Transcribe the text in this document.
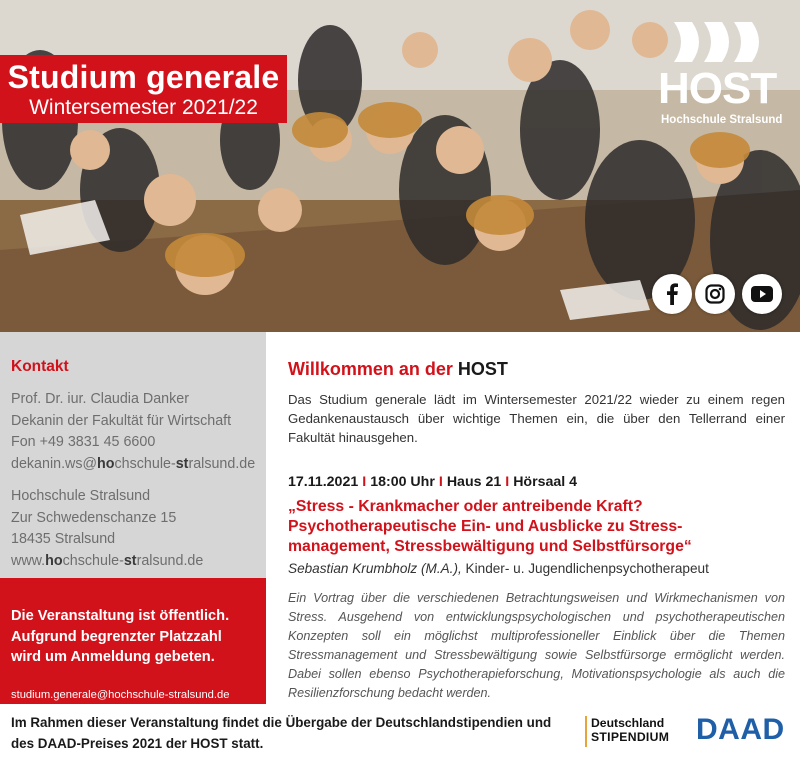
Studium generale
Wintersemester 2021/22	HOST
Hochschule Stralsund
Kontakt
Prof. Dr. iur. Claudia Danker
Dekanin der Fakultät für Wirtschaft
Fon +49 3831 45 6600
dekanin.ws@hochschule-stralsund.de
Hochschule Stralsund
Zur Schwedenschanze 15
18435 Stralsund
www.hochschule-stralsund.de
Die Veranstaltung ist öffentlich.
Aufgrund begrenzter Platzzahl
wird um Anmeldung gebeten.
studium.generale@hochschule-stralsund.de
Willkommen an der HOST
Das Studium generale lädt im Wintersemester 2021/22 wieder zu einem regen Gedankenaustausch über wichtige Themen ein, die über den Tellerrand einer Fakultät hinausgehen.
17.11.2021 I 18:00 Uhr I Haus 21 I Hörsaal 4
„Stress - Krankmacher oder antreibende Kraft?
Psychotherapeutische Ein- und Ausblicke zu Stress-
management, Stressbewältigung und Selbstfürsorge“
Sebastian Krumbholz (M.A.), Kinder- u. Jugendlichenpsychotherapeut
Ein Vortrag über die verschiedenen Betrachtungsweisen und Wirkmechanismen von Stress. Ausgehend von entwicklungspsychologischen und psychotherapeutischen Konzepten soll ein möglichst multiprofessioneller Einblick über die Themen Stressmanagement und Stressbewältigung sowie Selbstfürsorge ermöglicht werden. Dabei sollen ebenso Psychotherapieforschung, Motivationspsychologie als auch die Resilienzforschung bedacht werden.
Im Rahmen dieser Veranstaltung findet die Übergabe der Deutschlandstipendien und
des DAAD-Preises 2021 der HOST statt.
Deutschland
STIPENDIUM DAAD
